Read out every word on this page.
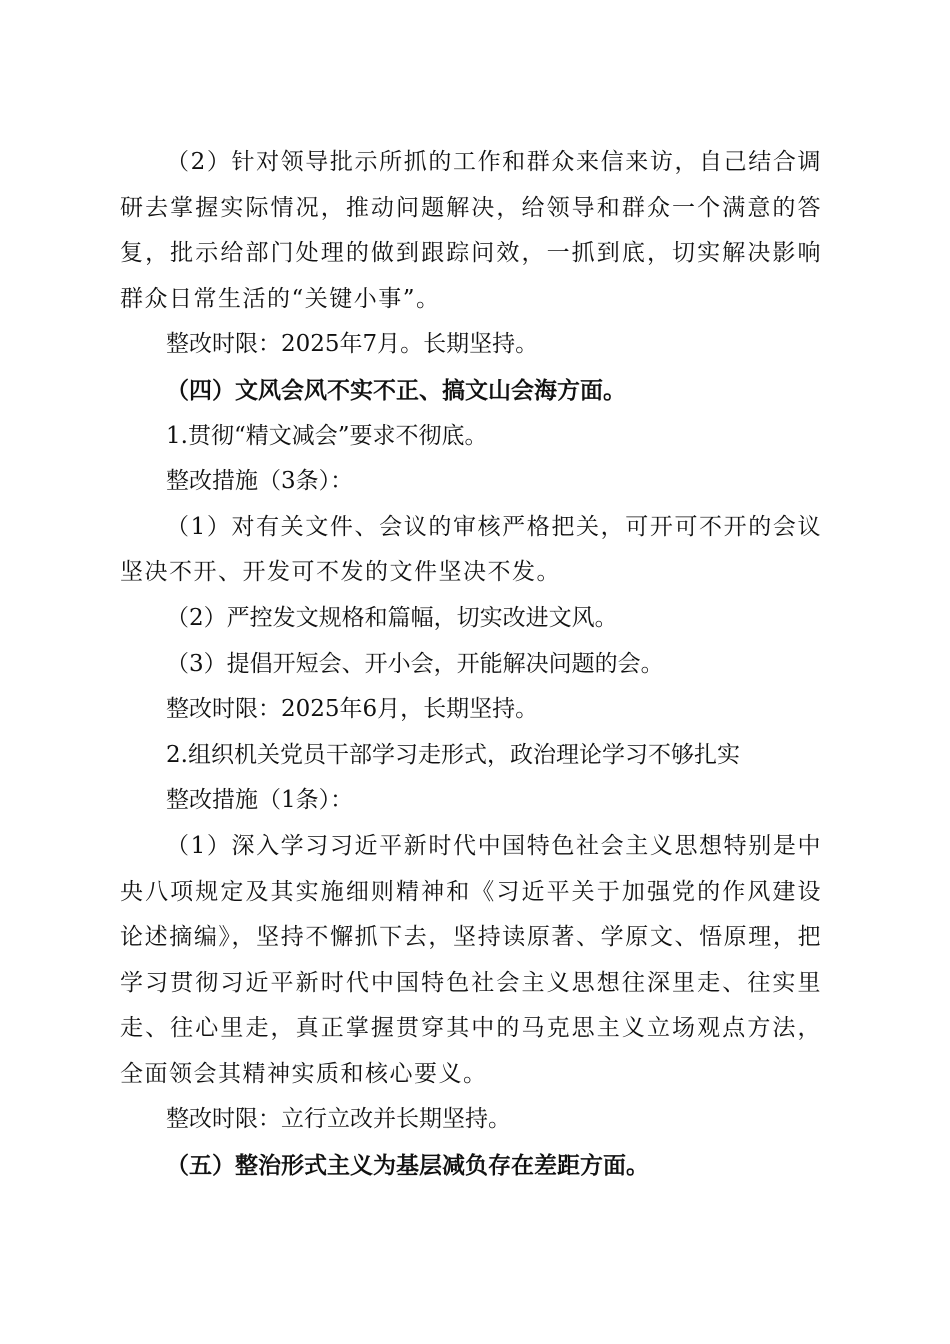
（2）针对领导批示所抓的工作和群众来信来访，自己结合调研去掌握实际情况，推动问题解决，给领导和群众一个满意的答复，批示给部门处理的做到跟踪问效，一抓到底，切实解决影响群众日常生活的“关键小事”。

整改时限：2025年7月。长期坚持。

（四）文风会风不实不正、搞文山会海方面。

1.贯彻“精文减会”要求不彻底。

整改措施（3条）：

（1）对有关文件、会议的审核严格把关，可开可不开的会议坚决不开、开发可不发的文件坚决不发。

（2）严控发文规格和篇幅，切实改进文风。

（3）提倡开短会、开小会，开能解决问题的会。

整改时限：2025年6月，长期坚持。

2.组织机关党员干部学习走形式，政治理论学习不够扎实

整改措施（1条）：

（1）深入学习习近平新时代中国特色社会主义思想特别是中央八项规定及其实施细则精神和《习近平关于加强党的作风建设论述摘编》，坚持不懈抓下去，坚持读原著、学原文、悟原理，把学习贯彻习近平新时代中国特色社会主义思想往深里走、往实里走、往心里走，真正掌握贯穿其中的马克思主义立场观点方法，全面领会其精神实质和核心要义。

整改时限：立行立改并长期坚持。

（五）整治形式主义为基层减负存在差距方面。
